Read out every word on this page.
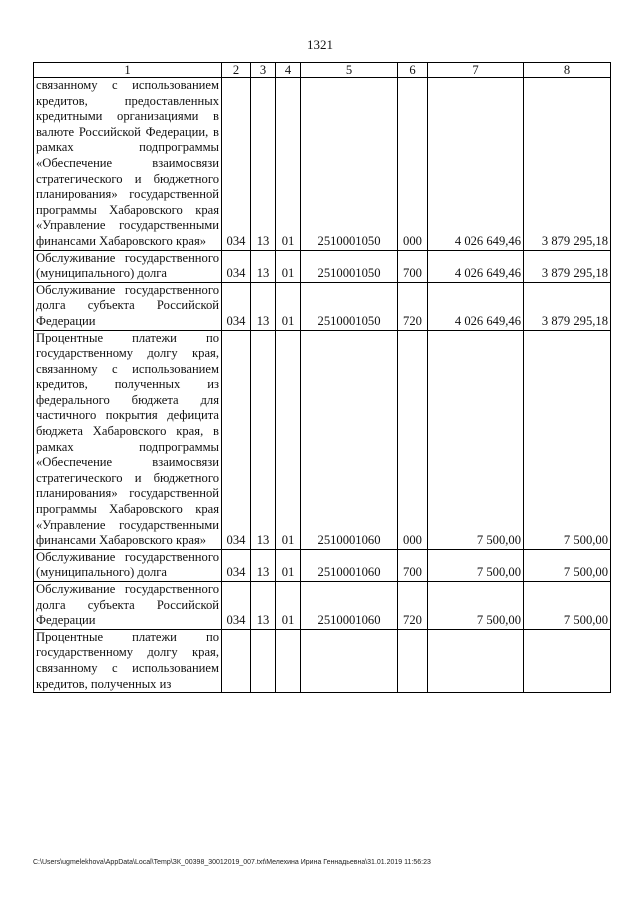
1321
1	2	3	4	5	6	7	8
связанному с использованием кредитов, предоставленных кредитными организациями в валюте Российской Федерации, в рамках подпрограммы «Обеспечение взаимосвязи стратегического и бюджетного планирования» государственной программы Хабаровского края «Управление государственными финансами Хабаровского края»	034	13	01	2510001050	000	4 026 649,46	3 879 295,18
Обслуживание государственного (муниципального) долга	034	13	01	2510001050	700	4 026 649,46	3 879 295,18
Обслуживание государственного долга субъекта Российской Федерации	034	13	01	2510001050	720	4 026 649,46	3 879 295,18
Процентные платежи по государственному долгу края, связанному с использованием кредитов, полученных из федерального бюджета для частичного покрытия дефицита бюджета Хабаровского края, в рамках подпрограммы «Обеспечение взаимосвязи стратегического и бюджетного планирования» государственной программы Хабаровского края «Управление государственными финансами Хабаровского края»	034	13	01	2510001060	000	7 500,00	7 500,00
Обслуживание государственного (муниципального) долга	034	13	01	2510001060	700	7 500,00	7 500,00
Обслуживание государственного долга субъекта Российской Федерации	034	13	01	2510001060	720	7 500,00	7 500,00
Процентные платежи по государственному долгу края, связанному с использованием кредитов, полученных из							
C:\Users\ugmelekhova\AppData\Local\Temp\ЗК_00398_30012019_007.txt\Мелехина Ирина Геннадьевна\31.01.2019 11:56:23
